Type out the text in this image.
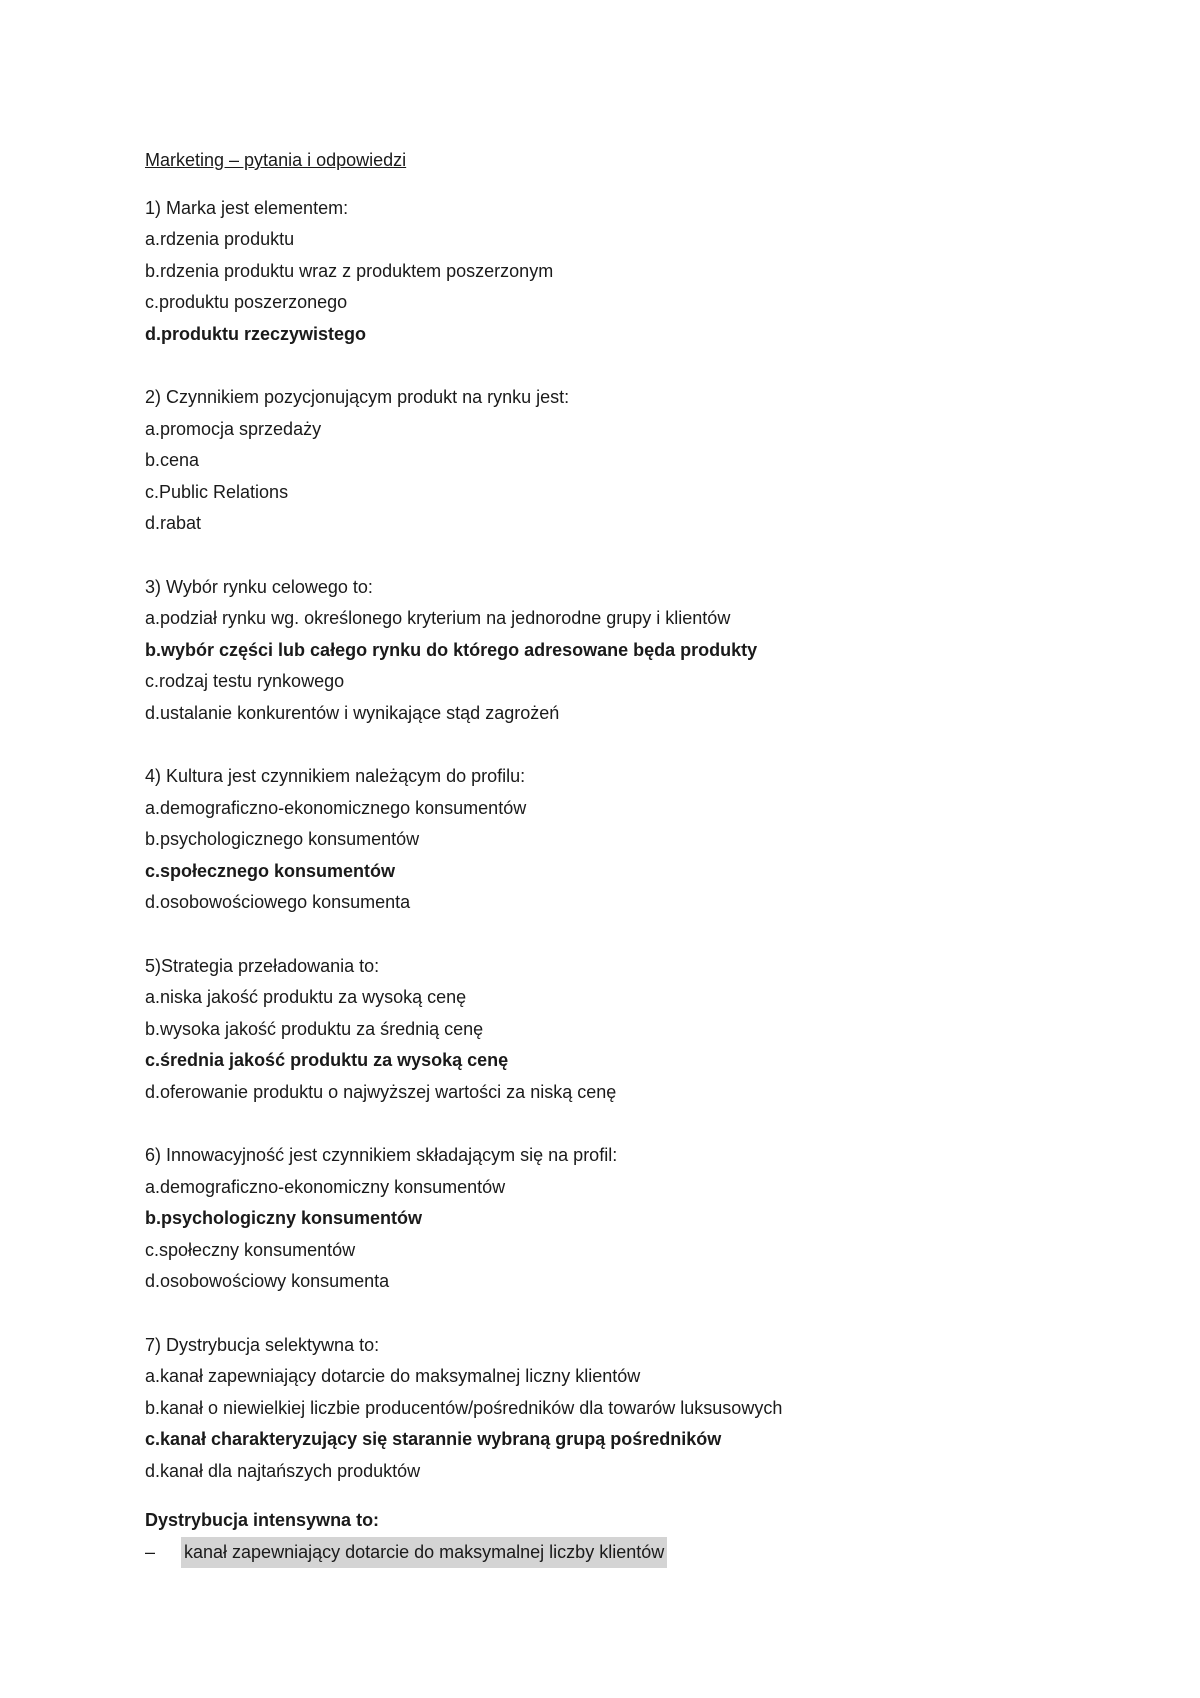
Marketing – pytania i odpowiedzi
1) Marka jest elementem:
a.rdzenia produktu
b.rdzenia produktu wraz z produktem poszerzonym
c.produktu poszerzonego
d.produktu rzeczywistego
2) Czynnikiem pozycjonującym produkt na rynku jest:
a.promocja sprzedaży
b.cena
c.Public Relations
d.rabat
3) Wybór rynku celowego to:
a.podział rynku wg. określonego kryterium na jednorodne grupy i klientów
b.wybór części lub całego rynku do którego adresowane będa produkty
c.rodzaj testu rynkowego
d.ustalanie konkurentów i wynikające stąd zagrożeń
4) Kultura jest czynnikiem należącym do profilu:
a.demograficzno-ekonomicznego konsumentów
b.psychologicznego konsumentów
c.społecznego konsumentów
d.osobowościowego konsumenta
5)Strategia przeładowania to:
a.niska jakość produktu za wysoką cenę
b.wysoka jakość produktu za średnią cenę
c.średnia jakość produktu za wysoką cenę
d.oferowanie produktu o najwyższej wartości za niską cenę
6) Innowacyjność jest czynnikiem składającym się na profil:
a.demograficzno-ekonomiczny konsumentów
b.psychologiczny konsumentów
c.społeczny konsumentów
d.osobowościowy konsumenta
7) Dystrybucja selektywna to:
a.kanał zapewniający dotarcie do maksymalnej liczny klientów
b.kanał o niewielkiej liczbie producentów/pośredników dla towarów luksusowych
c.kanał charakteryzujący się starannie wybraną grupą pośredników
d.kanał dla najtańszych produktów
Dystrybucja intensywna to:
–	kanał zapewniający dotarcie do maksymalnej liczby klientów
